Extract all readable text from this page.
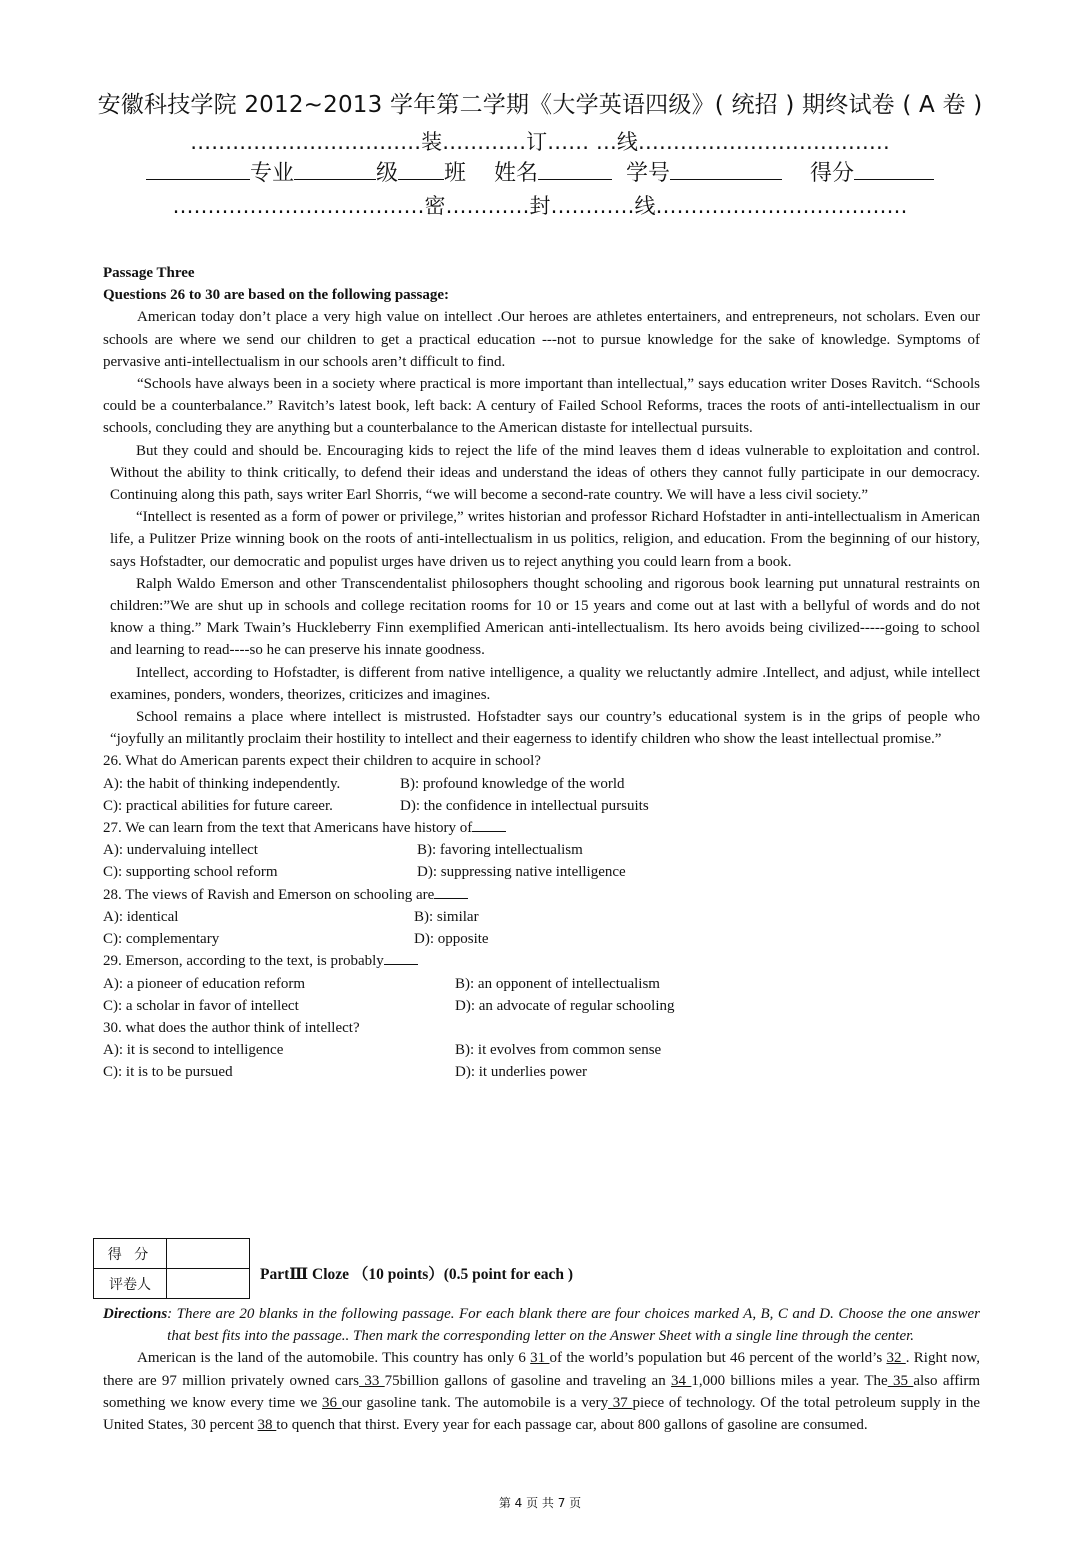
安徽科技学院 2012~2013 学年第二学期《大学英语四级》( 统招 ) 期终试卷 ( A 卷 )
……………………………装…………订…… …线………………………………
专业	级 班 姓名	学号	得分
………………………………密…………封…………线………………………………
Passage Three
Questions 26 to 30 are based on the following passage:

American today don’t place a very high value on intellect .Our heroes are athletes entertainers, and entrepreneurs, not scholars. Even our schools are where we send our children to get a practical education ---not to pursue knowledge for the sake of knowledge. Symptoms of pervasive anti-intellectualism in our schools aren’t difficult to find.

“Schools have always been in a society where practical is more important than intellectual,” says education writer Doses Ravitch. “Schools could be a counterbalance.” Ravitch’s latest book, left back: A century of Failed School Reforms, traces the roots of anti-intellectualism in our schools, concluding they are anything but a counterbalance to the American distaste for intellectual pursuits.

But they could and should be. Encouraging kids to reject the life of the mind leaves them d ideas vulnerable to exploitation and control. Without the ability to think critically, to defend their ideas and understand the ideas of others they cannot fully participate in our democracy. Continuing along this path, says writer Earl Shorris, “we will become a second-rate country. We will have a less civil society.”

“Intellect is resented as a form of power or privilege,” writes historian and professor Richard Hofstadter in anti-intellectualism in American life, a Pulitzer Prize winning book on the roots of anti-intellectualism in us politics, religion, and education. From the beginning of our history, says Hofstadter, our democratic and populist urges have driven us to reject anything you could learn from a book.

Ralph Waldo Emerson and other Transcendentalist philosophers thought schooling and rigorous book learning put unnatural restraints on children:”We are shut up in schools and college recitation rooms for 10 or 15 years and come out at last with a bellyful of words and do not know a thing.” Mark Twain’s Huckleberry Finn exemplified American anti-intellectualism. Its hero avoids being civilized-----going to school and learning to read----so he can preserve his innate goodness.

Intellect, according to Hofstadter, is different from native intelligence, a quality we reluctantly admire .Intellect, and adjust, while intellect examines, ponders, wonders, theorizes, criticizes and imagines.

School remains a place where intellect is mistrusted. Hofstadter says our country’s educational system is in the grips of people who “joyfully an militantly proclaim their hostility to intellect and their eagerness to identify children who show the least intellectual promise.”

26. What do American parents expect their children to acquire in school?
A): the habit of thinking independently.	B): profound knowledge of the world
C): practical abilities for future career.	D): the confidence in intellectual pursuits
27. We can learn from the text that Americans have history of
A): undervaluing intellect	B): favoring intellectualism
C): supporting school reform	D): suppressing native intelligence
28. The views of Ravish and Emerson on schooling are
A): identical	B): similar
C): complementary	D): opposite
29. Emerson, according to the text, is probably
A): a pioneer of education reform	B): an opponent of intellectualism
C): a scholar in favor of intellect	D): an advocate of regular schooling
30. what does the author think of intellect?
A): it is second to intelligence	B): it evolves from common sense
C): it is to be pursued	D): it underlies power
得 分	
评卷人	
PartⅢ Cloze （10 points）(0.5 point for each )
Directions : There are 20 blanks in the following passage. For each blank there are four choices marked A, B, C and D. Choose the one answer that best fits into the passage.. Then mark the corresponding letter on the Answer Sheet with a single line through the center.

American is the land of the automobile. This country has only 6 31 of the world’s population but 46 percent of the world’s 32 . Right now, there are 97 million privately owned cars 33 75billion gallons of gasoline and traveling an 34 1,000 billions miles a year. The 35 also affirm something we know every time we 36 our gasoline tank. The automobile is a very 37 piece of technology. Of the total petroleum supply in the United States, 30 percent 38 to quench that thirst. Every year for each passage car, about 800 gallons of gasoline are consumed.

第 4 页 共 7 页
